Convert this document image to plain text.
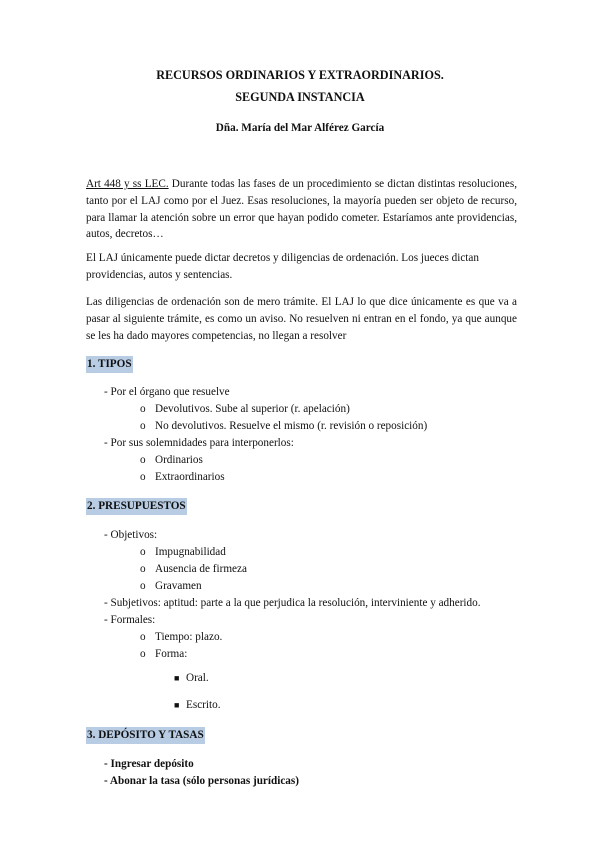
RECURSOS ORDINARIOS Y EXTRAORDINARIOS.
SEGUNDA INSTANCIA
Dña. María del Mar Alférez García
Art 448 y ss LEC. Durante todas las fases de un procedimiento se dictan distintas resoluciones, tanto por el LAJ como por el Juez. Esas resoluciones, la mayoría pueden ser objeto de recurso, para llamar la atención sobre un error que hayan podido cometer. Estaríamos ante providencias, autos, decretos…
El LAJ únicamente puede dictar decretos y diligencias de ordenación. Los jueces dictan providencias, autos y sentencias.
Las diligencias de ordenación son de mero trámite. El LAJ lo que dice únicamente es que va a pasar al siguiente trámite, es como un aviso. No resuelven ni entran en el fondo, ya que aunque se les ha dado mayores competencias, no llegan a resolver
1. TIPOS
- Por el órgano que resuelve
o Devolutivos. Sube al superior (r. apelación)
o No devolutivos. Resuelve el mismo (r. revisión o reposición)
- Por sus solemnidades para interponerlos:
o Ordinarios
o Extraordinarios
2. PRESUPUESTOS
- Objetivos:
o Impugnabilidad
o Ausencia de firmeza
o Gravamen
- Subjetivos: aptitud: parte a la que perjudica la resolución, interviniente y adherido.
- Formales:
o Tiempo: plazo.
o Forma:
■ Oral.
■ Escrito.
3. DEPÓSITO Y TASAS
- Ingresar depósito
- Abonar la tasa (sólo personas jurídicas)
